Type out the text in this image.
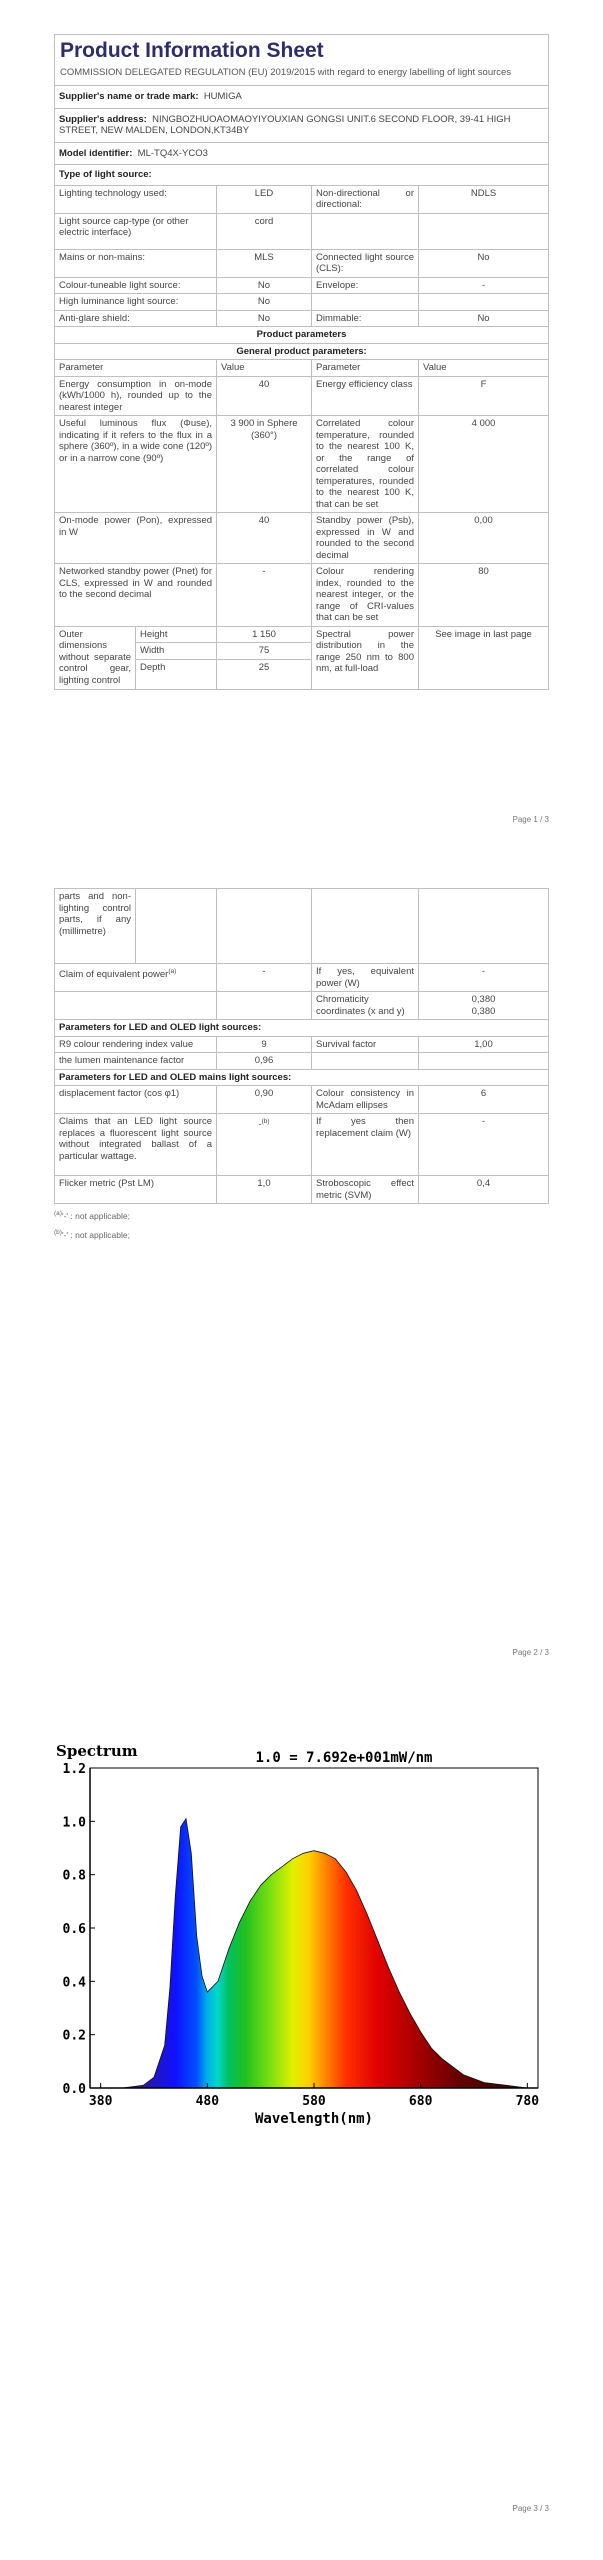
Product Information Sheet
COMMISSION DELEGATED REGULATION (EU) 2019/2015 with regard to energy labelling of light sources				

Supplier's name or trade mark: HUMIGA				
Supplier's address: NINGBOZHUOAOMAOYIYOUXIAN GONGSI UNIT.6 SECOND FLOOR, 39-41 HIGH STREET, NEW MALDEN, LONDON,KT34BY				
Model identifier: ML-TQ4X-YCO3				
Type of light source:				
Lighting technology used:		LED	Non-directional or directional:	NDLS
Light source cap-type (or other electric interface)		cord		
Mains or non-mains:		MLS	Connected light source (CLS):	No
Colour-tuneable light source:		No	Envelope:	-
High luminance light source:		No		
Anti-glare shield:		No	Dimmable:	No
Product parameters				
General product parameters:				
Parameter		Value	Parameter	Value
Energy consumption in on-mode (kWh/1000 h), rounded up to the nearest integer		40	Energy efficiency class	F
Useful luminous flux (Φuse), indicating if it refers to the flux in a sphere (360º), in a wide cone (120º) or in a narrow cone (90º)		3 900 in Sphere (360°)	Correlated colour temperature, rounded to the nearest 100 K, or the range of correlated colour temperatures, rounded to the nearest 100 K, that can be set	4 000
On-mode power (Pon), expressed in W		40	Standby power (Psb), expressed in W and rounded to the second decimal	0,00
Networked standby power (Pnet) for CLS, expressed in W and rounded to the second decimal		-	Colour rendering index, rounded to the nearest integer, or the range of CRI-values that can be set	80
Outer dimensions without separate control gear, lighting control	Height	1 150	Spectral power distribution in the range 250 nm to 800 nm, at full-load	See image in last page
	Width	75		
	Depth	25		
Page 1 / 3
parts and non-lighting control parts, if any (millimetre)				
Claim of equivalent power$^{(a)}$		-	If yes, equivalent power (W)	-
			Chromaticity coordinates (x and y)	0,380
0,380
Parameters for LED and OLED light sources:				
R9 colour rendering index value		9	Survival factor	1,00
the lumen maintenance factor		0,96		
Parameters for LED and OLED mains light sources:				
displacement factor (cos φ1)		0,90	Colour consistency in McAdam ellipses	6
Claims that an LED light source replaces a fluorescent light source without integrated ballast of a particular wattage.		-$^{(b)}$	If yes then replacement claim (W)	-
Flicker metric (Pst LM)		1,0	Stroboscopic effect metric (SVM)	0,4
$^{(a)}$'-' : not applicable;
$^{(b)}$'-' : not applicable;
Page 2 / 3
0.0
0.2
0.4
0.6
0.8
1.0
1.2
380	480	580	680	780
Spectrum	1.0 = 7.692e+001mW/nm
Wavelength(nm)
Page 3 / 3
